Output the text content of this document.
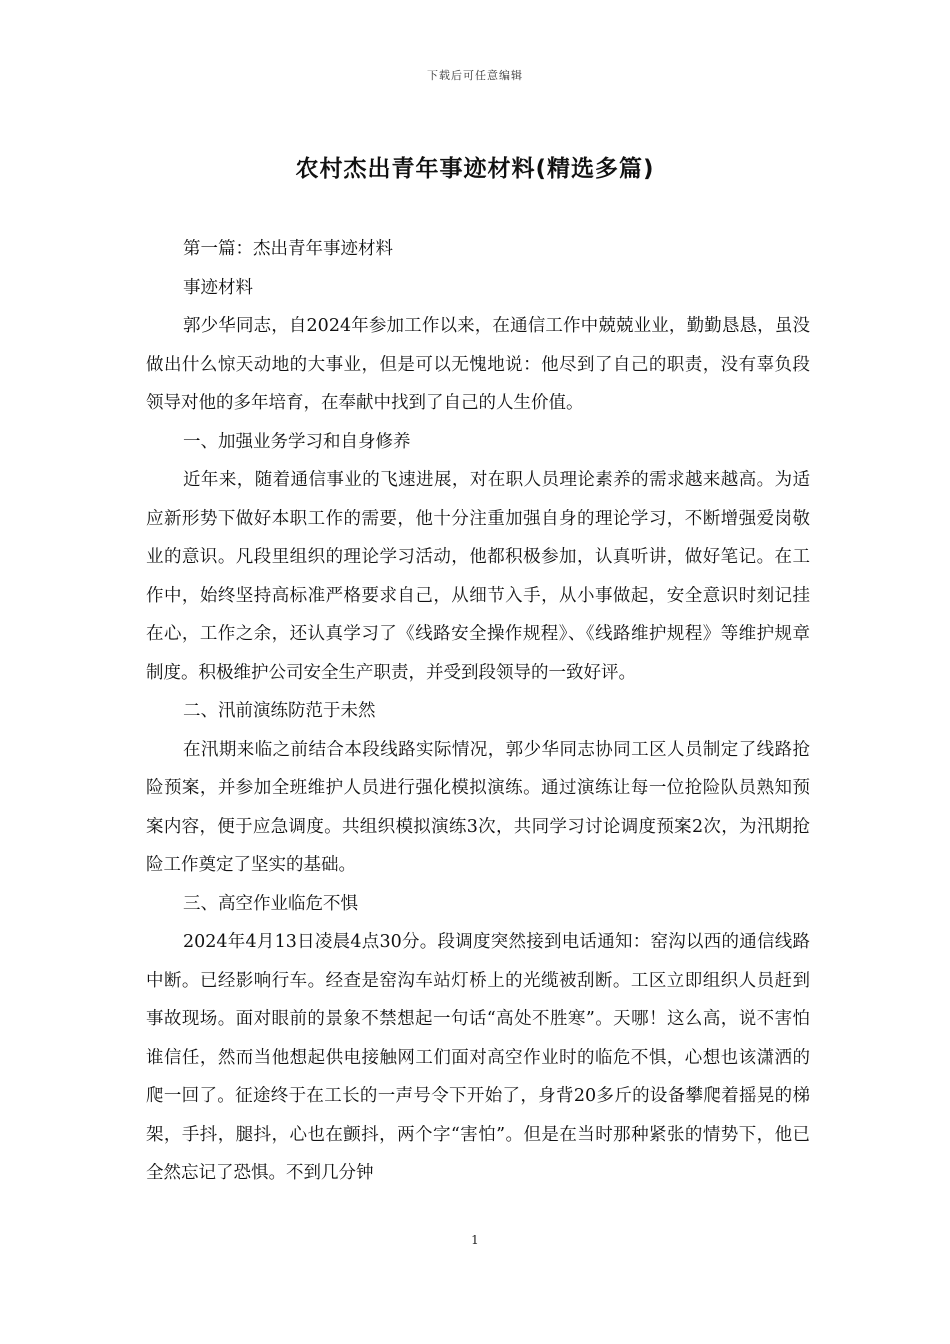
下载后可任意编辑
农村杰出青年事迹材料(精选多篇)

第一篇：杰出青年事迹材料

事迹材料

郭少华同志，自2024年参加工作以来，在通信工作中兢兢业业，勤勤恳恳，虽没做出什么惊天动地的大事业，但是可以无愧地说：他尽到了自己的职责，没有辜负段领导对他的多年培育，在奉献中找到了自己的人生价值。

一、加强业务学习和自身修养

近年来，随着通信事业的飞速进展，对在职人员理论素养的需求越来越高。为适应新形势下做好本职工作的需要，他十分注重加强自身的理论学习，不断增强爱岗敬业的意识。凡段里组织的理论学习活动，他都积极参加，认真听讲，做好笔记。在工作中，始终坚持高标准严格要求自己，从细节入手，从小事做起，安全意识时刻记挂在心，工作之余，还认真学习了《线路安全操作规程》、《线路维护规程》等维护规章制度。积极维护公司安全生产职责，并受到段领导的一致好评。

二、汛前演练防范于未然

在汛期来临之前结合本段线路实际情况，郭少华同志协同工区人员制定了线路抢险预案，并参加全班维护人员进行强化模拟演练。通过演练让每一位抢险队员熟知预案内容，便于应急调度。共组织模拟演练3次，共同学习讨论调度预案2次，为汛期抢险工作奠定了坚实的基础。

三、高空作业临危不惧

2024年4月13日凌晨4点30分。段调度突然接到电话通知：窑沟以西的通信线路中断。已经影响行车。经查是窑沟车站灯桥上的光缆被刮断。工区立即组织人员赶到事故现场。面对眼前的景象不禁想起一句话“高处不胜寒”。天哪！这么高，说不害怕谁信任，然而当他想起供电接触网工们面对高空作业时的临危不惧，心想也该潇洒的爬一回了。征途终于在工长的一声号令下开始了，身背20多斤的设备攀爬着摇晃的梯架，手抖，腿抖，心也在颤抖，两个字“害怕”。但是在当时那种紧张的情势下，他已全然忘记了恐惧。不到几分钟

1
